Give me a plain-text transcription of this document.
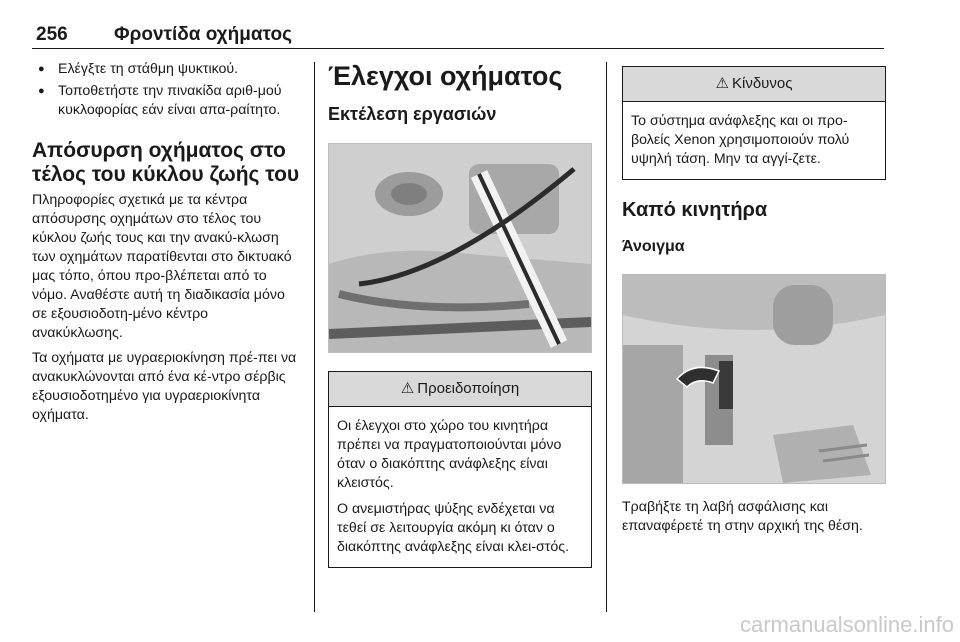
256 Φροντίδα οχήματος
● Ελέγξτε τη στάθμη ψυκτικού.
● Τοποθετήστε την πινακίδα αριθ-μού κυκλοφορίας εάν είναι απα-ραίτητο.
Απόσυρση οχήματος στο
τέλος του κύκλου ζωής του

Πληροφορίες σχετικά με τα κέντρα απόσυρσης οχημάτων στο τέλος του κύκλου ζωής τους και την ανακύ-κλωση των οχημάτων παρατίθενται στο δικτυακό μας τόπο, όπου προ-βλέπεται από το νόμο. Αναθέστε αυτή τη διαδικασία μόνο σε εξουσιοδοτη-μένο κέντρο ανακύκλωσης.

Τα οχήματα με υγραεριοκίνηση πρέ-πει να ανακυκλώνονται από ένα κέ-ντρο σέρβις εξουσιοδοτημένο για υγραεριοκίνητα οχήματα.

Έλεγχοι οχήματος
Εκτέλεση εργασιών
⚠ Προειδοποίηση

Οι έλεγχοι στο χώρο του κινητήρα πρέπει να πραγματοποιούνται μόνο όταν ο διακόπτης ανάφλεξης είναι κλειστός.

Ο ανεμιστήρας ψύξης ενδέχεται να τεθεί σε λειτουργία ακόμη κι όταν ο διακόπτης ανάφλεξης είναι κλει-στός.

⚠ Κίνδυνος

Το σύστημα ανάφλεξης και οι προ-βολείς Xenon χρησιμοποιούν πολύ υψηλή τάση. Μην τα αγγί-ζετε.

Καπό κινητήρα
Άνοιγμα

Τραβήξτε τη λαβή ασφάλισης και επαναφέρετέ τη στην αρχική της θέση.

carmanualsonline.info
